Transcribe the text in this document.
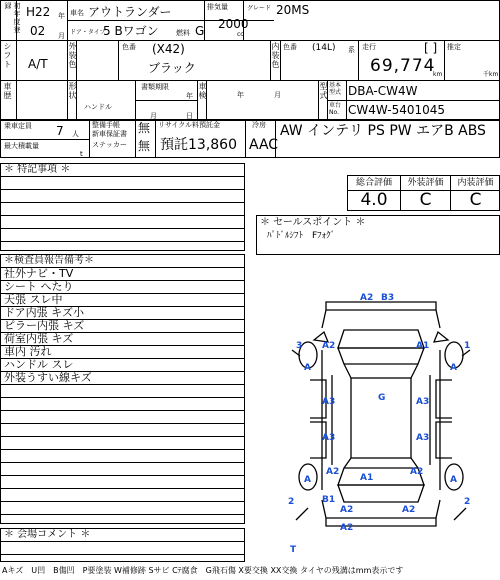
初年度登録	H22 年
02 月
車名 アウトランダー
ドア・タイプ
5 Bワゴン 燃料 G
排気量
2000
cc
グレード 20MS
シフト A/T	外装色	色番 (X42)
ブラック	内装色 色番 (14L) 系 走行	[ ]
69,774
km
推定
千km
車歴	形状
ハンドル
書類期限
年
月	日
車検	年	月	型式 基本型式 DBA-CW4W
車台No. CW4W-5401045
乗車定員 7 人
最大積載量
t
整備手帳
新車保証書
ステッカー
無
無
リサイクル料預託金
預託13,860
冷房
AAC
AW インテリ PS PW エアB ABS
＊ 特記事項 ＊
＊検査員報告備考＊
社外ナビ・TV
シート へたり
天張 スレ中
ドア内張 キズ小
ピラー内張 キズ
荷室内張 キズ
車内 汚れ
ハンドル スレ
外装うすい線キズ
＊ 会場コメント ＊
総合評価	外装評価	内装評価
4.0	C	C
＊ セールスポイント ＊
ﾊﾟﾄﾞﾙｼﾌﾄ　Fﾌｫｸﾞ
A2 B3
3 A2
A
A1	1
A
A3	G	A3
A3	A3
A2
A1
A2
A	A
2	B1
A2	A2
A2
2
T
Aキズ　U凹　B傷凹　P要塗装 W補修跡 Sサビ Cﾃ腐食　G飛石傷 X要交換 XX交換 タイヤの残溝はmm表示です
